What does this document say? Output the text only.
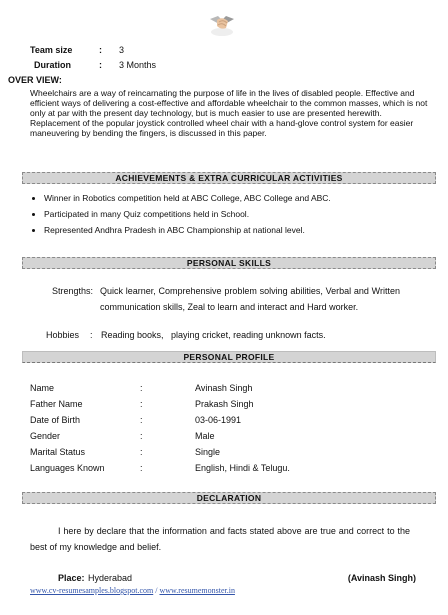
Team size	: 3
Duration	: 3 Months
OVER VIEW:
Wheelchairs are a way of reincarnating the purpose of life in the lives of disabled people. Effective and efficient ways of delivering a cost-effective and affordable wheelchair to the common masses, which is not only at par with the present day technology, but is much easier to use are presented herewith. Replacement of the popular joystick controlled wheel chair with a hand-glove control system for easier maneuvering by bending the fingers, is discussed in this paper.
ACHIEVEMENTS & EXTRA CURRICULAR ACTIVITIES
• Winner in Robotics competition held at ABC College, ABC College and ABC.
• Participated in many Quiz competitions held in School.
• Represented Andhra Pradesh in ABC Championship at national level.
PERSONAL SKILLS
Strengths: Quick learner, Comprehensive problem solving abilities, Verbal and Written
communication skills, Zeal to learn and interact and Hard worker.
Hobbies : Reading books,   playing cricket, reading unknown facts.
PERSONAL PROFILE
Name	:	Avinash Singh
Father Name	:	Prakash Singh
Date of Birth	:	03-06-1991
Gender	:	Male
Marital Status	:	Single
Languages Known	:	English, Hindi & Telugu.
DECLARATION
I here by declare that the information and facts stated above are true and correct to the
best of my knowledge and belief.
Place: Hyderabad	(Avinash Singh)
www.cv-resumesamples.blogspot.com / www.resumemonster.in
